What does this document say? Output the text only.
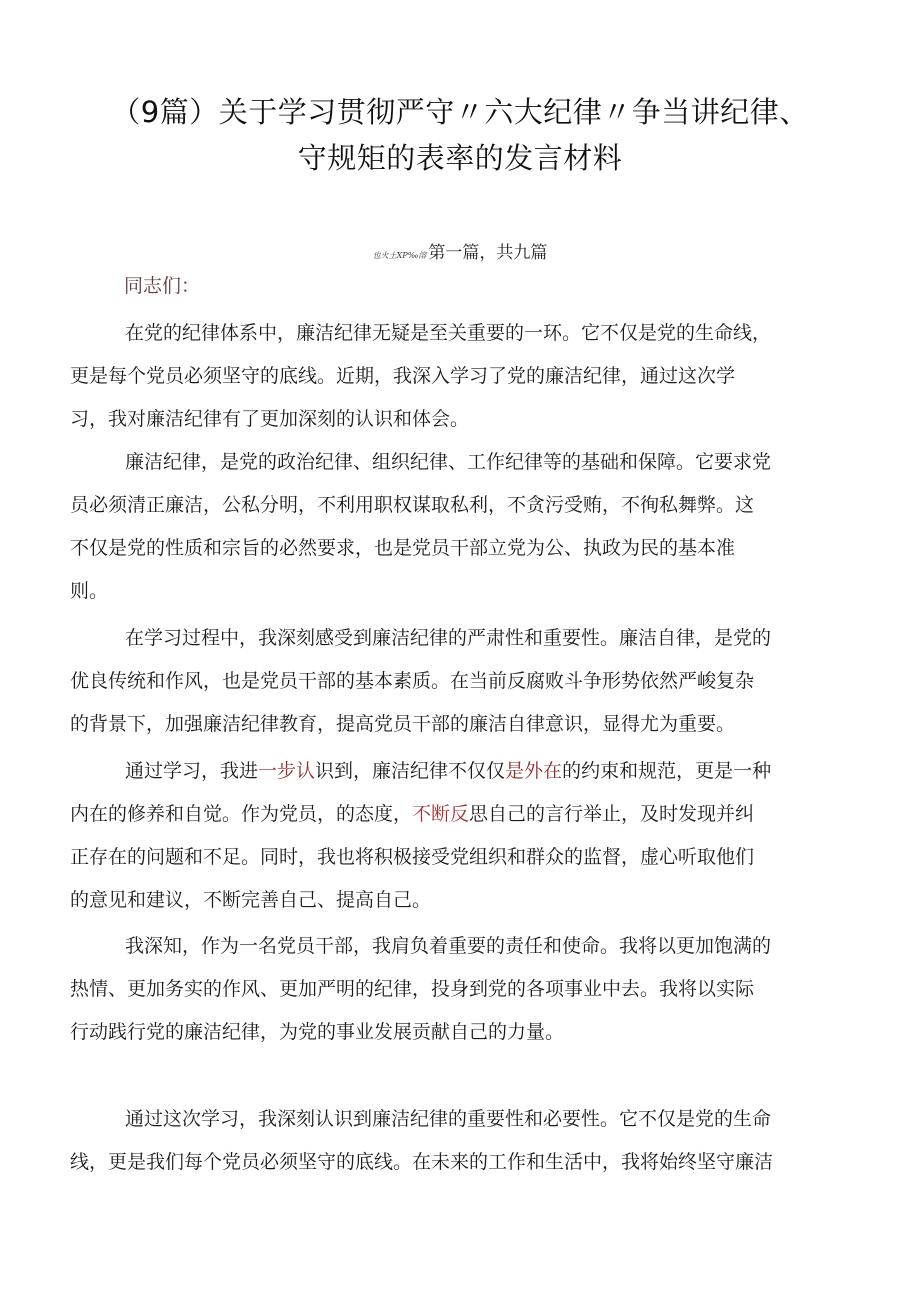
（9篇）关于学习贯彻严守〃六大纪律〃争当讲纪律、
守规矩的表率的发言材料
也火土XP‰溶 第一篇，共九篇
同志们：
在党的纪律体系中，廉洁纪律无疑是至关重要的一环。它不仅是党的生命线，
更是每个党员必须坚守的底线。近期，我深入学习了党的廉洁纪律，通过这次学
习，我对廉洁纪律有了更加深刻的认识和体会。
廉洁纪律，是党的政治纪律、组织纪律、工作纪律等的基础和保障。它要求党
员必须清正廉洁，公私分明，不利用职权谋取私利，不贪污受贿，不徇私舞弊。这
不仅是党的性质和宗旨的必然要求，也是党员干部立党为公、执政为民的基本准
则。
在学习过程中，我深刻感受到廉洁纪律的严肃性和重要性。廉洁自律，是党的
优良传统和作风，也是党员干部的基本素质。在当前反腐败斗争形势依然严峻复杂
的背景下，加强廉洁纪律教育，提高党员干部的廉洁自律意识，显得尤为重要。
通过学习，我进一步认识到，廉洁纪律不仅仅是外在的约束和规范，更是一种
内在的修养和自觉。作为党员，的态度，不断反思自己的言行举止，及时发现并纠
正存在的问题和不足。同时，我也将积极接受党组织和群众的监督，虚心听取他们
的意见和建议，不断完善自己、提高自己。
我深知，作为一名党员干部，我肩负着重要的责任和使命。我将以更加饱满的
热情、更加务实的作风、更加严明的纪律，投身到党的各项事业中去。我将以实际
行动践行党的廉洁纪律，为党的事业发展贡献自己的力量。
通过这次学习，我深刻认识到廉洁纪律的重要性和必要性。它不仅是党的生命
线，更是我们每个党员必须坚守的底线。在未来的工作和生活中，我将始终坚守廉洁
